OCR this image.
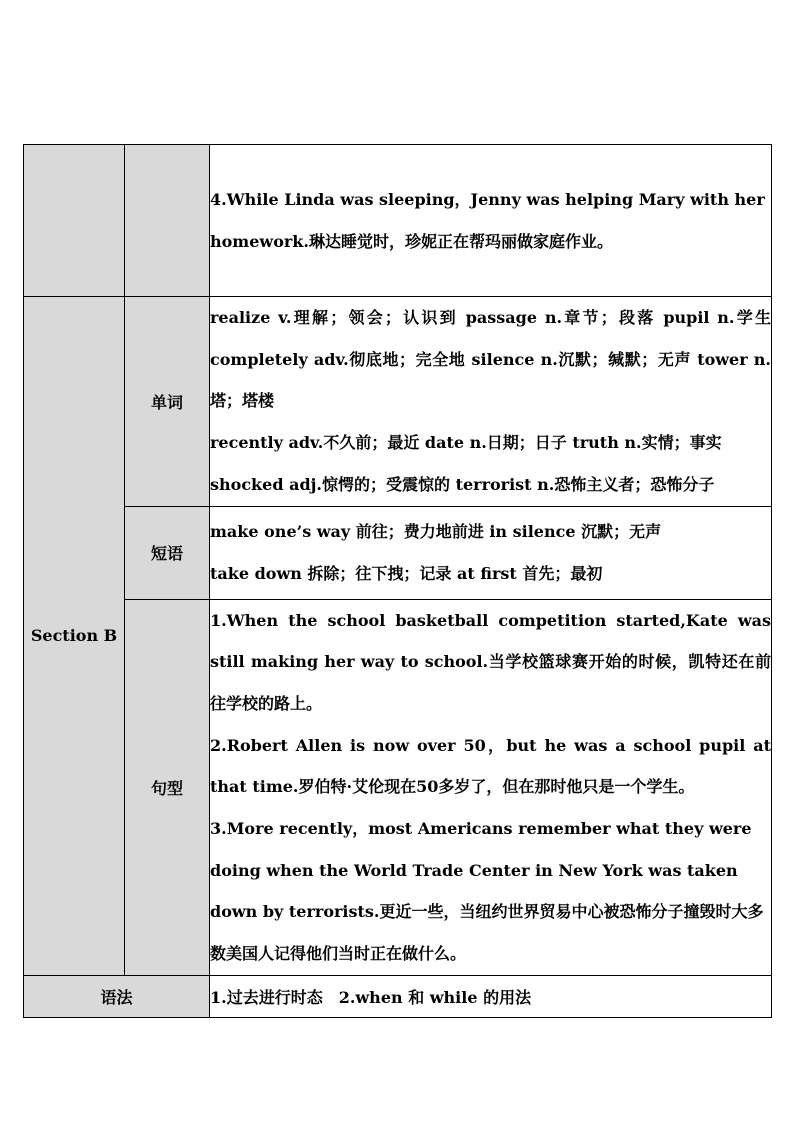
		4.While Linda was sleeping，Jenny was helping Mary with her homework.琳达睡觉时，珍妮正在帮玛丽做家庭作业。

Section B	单词	realize v.理解；领会；认识到 passage n.章节；段落 pupil n.学生 completely adv.彻底地；完全地 silence n.沉默；缄默；无声 tower n.塔；塔楼

recently adv.不久前；最近 date n.日期；日子 truth n.实情；事实 shocked adj.惊愕的；受震惊的 terrorist n.恐怖主义者；恐怖分子

	短语	make one’s way 前往；费力地前进 in silence 沉默；无声

take down 拆除；往下拽；记录 at first 首先；最初

	句型	1.When the school basketball competition started,Kate was still making her way to school.当学校篮球赛开始的时候，凯特还在前往学校的路上。

2.Robert Allen is now over 50，but he was a school pupil at that time.罗伯特·艾伦现在50多岁了，但在那时他只是一个学生。

3.More recently，most Americans remember what they were doing when the World Trade Center in New York was taken down by terrorists.更近一些，当纽约世界贸易中心被恐怖分子撞毁时大多数美国人记得他们当时正在做什么。

语法		1.过去进行时态　2.when 和 while 的用法
